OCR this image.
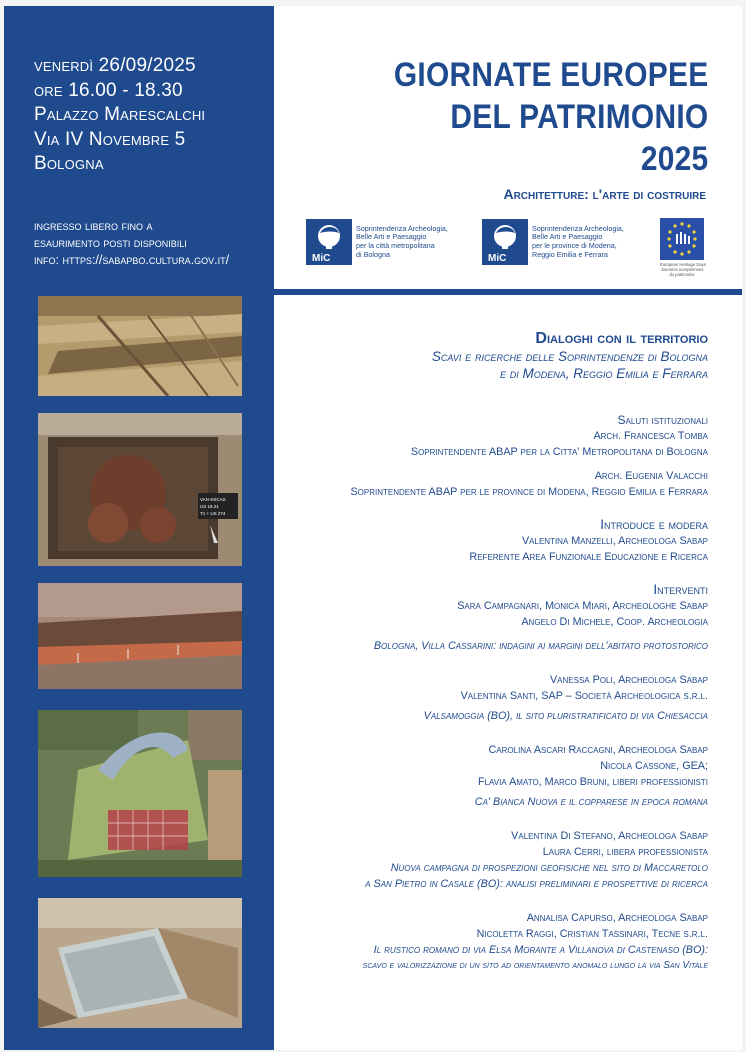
venerdì 26/09/2025
ore 16.00 - 18.30
Palazzo Marescalchi
Via IV Novembre 5
Bologna
ingresso libero fino a
esaurimento posti disponibili
info: https://sabapbo.cultura.gov.it/
VAN-SSCAS
US 18.21
T1 + US 274
GIORNATE EUROPEE
DEL PATRIMONIO
2025
Architetture: l'arte di costruire
MiC
Soprintendenza Archeologia,
Belle Arti e Paesaggio
per la città metropolitana
di Bologna	MiC
Soprintendenza Archeologia,
Belle Arti e Paesaggio
per le province di Modena,
Reggio Emilia e Ferrara
European Heritage Days
Journées européennes
du patrimoine
Dialoghi con il territorio
Scavi e ricerche delle Soprintendenze di Bologna
e di Modena, Reggio Emilia e Ferrara
Saluti istituzionali
Arch. Francesca Tomba
Soprintendente ABAP per la Citta' Metropolitana di Bologna
Arch. Eugenia Valacchi
Soprintendente ABAP per le province di Modena, Reggio Emilia e Ferrara
Introduce e modera
Valentina Manzelli, Archeologa Sabap
Referente Area Funzionale Educazione e Ricerca
Interventi
Sara Campagnari, Monica Miari, Archeologhe Sabap
Angelo Di Michele, Coop. Archeologia
Bologna, Villa Cassarini: indagini ai margini dell'abitato protostorico
Vanessa Poli, Archeologa Sabap
Valentina Santi, SAP – Società Archeologica s.r.l.
Valsamoggia (BO), il sito pluristratificato di via Chiesaccia
Carolina Ascari Raccagni, Archeologa Sabap
Nicola Cassone, GEA;
Flavia Amato, Marco Bruni, liberi professionisti
Ca' Bianca Nuova e il copparese in epoca romana
Valentina Di Stefano, Archeologa Sabap
Laura Cerri, libera professionista
Nuova campagna di prospezioni geofisiche nel sito di Maccaretolo
a San Pietro in Casale (BO): analisi preliminari e prospettive di ricerca
Annalisa Capurso, Archeologa Sabap
Nicoletta Raggi, Cristian Tassinari, Tecne s.r.l.
Il rustico romano di via Elsa Morante a Villanova di Castenaso (BO):
scavo e valorizzazione di un sito ad orientamento anomalo lungo la via San Vitale
